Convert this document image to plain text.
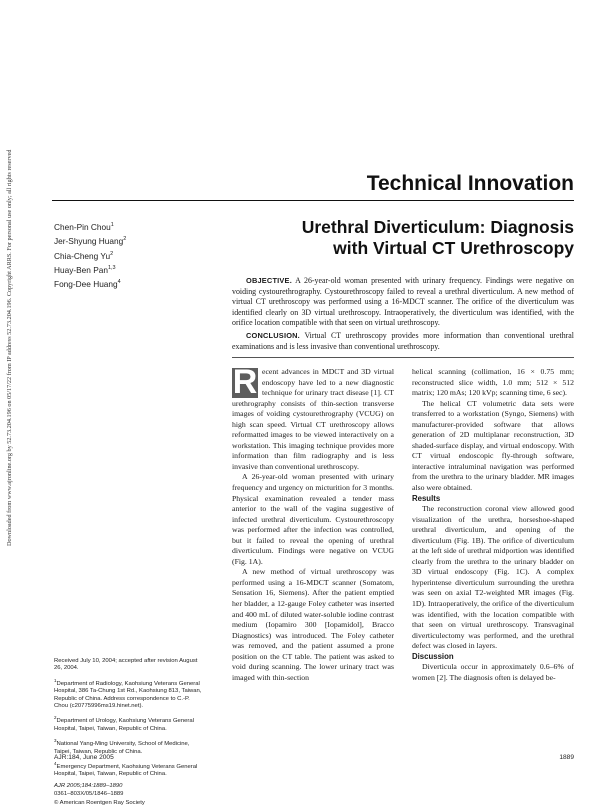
Downloaded from www.ajronline.org by 52.73.204.196 on 05/17/22 from IP address 52.73.204.196. Copyright ARRS. For personal use only; all rights reserved	Technical Innovation
Chen-Pin Chou$^1$
Jer-Shyung Huang$^2$
Chia-Cheng Yu$^2$
Huay-Ben Pan$^{1,3}$
Fong-Dee Huang$^4$
Urethral Diverticulum: Diagnosis
with Virtual CT Urethroscopy

OBJECTIVE. A 26-year-old woman presented with urinary frequency. Findings were negative on voiding cystourethrography. Cystourethroscopy failed to reveal a urethral diverticulum. A new method of virtual CT urethroscopy was performed using a 16-MDCT scanner. The orifice of the diverticulum was identified clearly on 3D virtual urethroscopy. Intraoperatively, the diverticulum was identified, with the orifice location compatible with that seen on virtual urethroscopy.

CONCLUSION. Virtual CT urethroscopy provides more information than conventional urethral examinations and is less invasive than conventional urethroscopy.

R ecent advances in MDCT and 3D virtual endoscopy have led to a new diagnostic technique for urinary tract disease [1]. CT urethrography consists of thin-section transverse images of voiding cystourethrography (VCUG) on high scan speed. Virtual CT urethroscopy allows reformatted images to be viewed interactively on a workstation. This imaging technique provides more information than film radiography and is less invasive than conventional urethroscopy.

A 26-year-old woman presented with urinary frequency and urgency on micturition for 3 months. Physical examination revealed a tender mass anterior to the wall of the vagina suggestive of infected urethral diverticulum. Cystourethroscopy was performed after the infection was controlled, but it failed to reveal the opening of urethral diverticulum. Findings were negative on VCUG (Fig. 1A).

A new method of virtual urethroscopy was performed using a 16-MDCT scanner (Somatom, Sensation 16, Siemens). After the patient emptied her bladder, a 12-gauge Foley catheter was inserted and 400 mL of diluted water-soluble iodine contrast medium (Iopamiro 300 [Iopamidol], Bracco Diagnostics) was introduced. The Foley catheter was removed, and the patient assumed a prone position on the CT table. The patient was asked to void during scanning. The lower urinary tract was imaged with thin-section

helical scanning (collimation, 16 × 0.75 mm; reconstructed slice width, 1.0 mm; 512 × 512 matrix; 120 mAs; 120 kVp; scanning time, 6 sec).

The helical CT volumetric data sets were transferred to a workstation (Syngo, Siemens) with manufacturer-provided software that allows generation of 2D multiplanar reconstruction, 3D shaded-surface display, and virtual endoscopy. With CT virtual endoscopic fly-through software, interactive intraluminal navigation was performed from the urethra to the urinary bladder. MR images also were obtained.

Results

The reconstruction coronal view allowed good visualization of the urethra, horseshoe-shaped urethral diverticulum, and opening of the diverticulum (Fig. 1B). The orifice of diverticulum at the left side of urethral midportion was identified clearly from the urethra to the urinary bladder on 3D virtual endoscopy (Fig. 1C). A complex hyperintense diverticulum surrounding the urethra was seen on axial T2-weighted MR images (Fig. 1D). Intraoperatively, the orifice of the diverticulum was identified, with the location compatible with that seen on virtual urethroscopy. Transvaginal diverticulectomy was performed, and the urethral defect was closed in layers.

Discussion

Diverticula occur in approximately 0.6–6% of women [2]. The diagnosis often is delayed be-

Received July 10, 2004; accepted after revision August 26, 2004.

$^1$Department of Radiology, Kaohsiung Veterans General Hospital, 386 Ta-Chung 1st Rd., Kaohsiung 813, Taiwan, Republic of China. Address correspondence to C.-P. Chou (c20775996ms19.hinet.net).

$^2$Department of Urology, Kaohsiung Veterans General Hospital, Taipei, Taiwan, Republic of China.

$^3$National Yang-Ming University, School of Medicine, Taipei, Taiwan, Republic of China.

$^4$Emergency Department, Kaohsiung Veterans General Hospital, Taipei, Taiwan, Republic of China.

AJR 2005;184:1889–1890

0361–803X/05/1846–1889

© American Roentgen Ray Society

AJR:184, June 2005	1889
